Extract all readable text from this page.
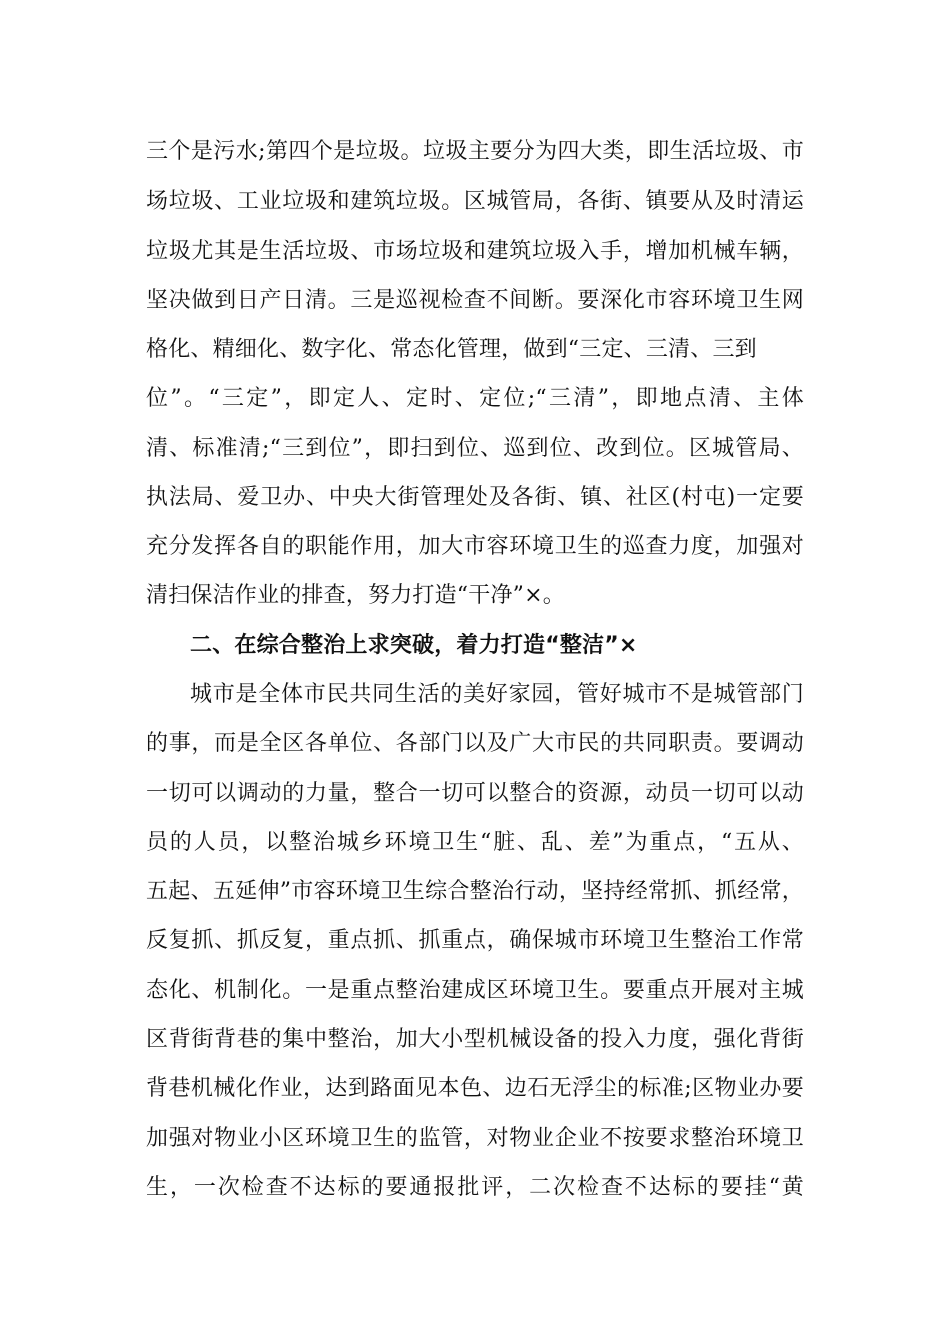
三个是污水;第四个是垃圾。垃圾主要分为四大类，即生活垃圾、市
场垃圾、工业垃圾和建筑垃圾。区城管局，各街、镇要从及时清运
垃圾尤其是生活垃圾、市场垃圾和建筑垃圾入手，增加机械车辆，
坚决做到日产日清。三是巡视检查不间断。要深化市容环境卫生网
格化、精细化、数字化、常态化管理，做到“三定、三清、三到
位”。“三定”，即定人、定时、定位;“三清”，即地点清、主体
清、标准清;“三到位”，即扫到位、巡到位、改到位。区城管局、
执法局、爱卫办、中央大街管理处及各街、镇、社区(村屯)一定要
充分发挥各自的职能作用，加大市容环境卫生的巡查力度，加强对
清扫保洁作业的排查，努力打造“干净”×。
二、在综合整治上求突破，着力打造“整洁”×
城市是全体市民共同生活的美好家园，管好城市不是城管部门
的事，而是全区各单位、各部门以及广大市民的共同职责。要调动
一切可以调动的力量，整合一切可以整合的资源，动员一切可以动
员的人员，以整治城乡环境卫生“脏、乱、差”为重点，“五从、
五起、五延伸”市容环境卫生综合整治行动，坚持经常抓、抓经常，
反复抓、抓反复，重点抓、抓重点，确保城市环境卫生整治工作常
态化、机制化。一是重点整治建成区环境卫生。要重点开展对主城
区背街背巷的集中整治，加大小型机械设备的投入力度，强化背街
背巷机械化作业，达到路面见本色、边石无浮尘的标准;区物业办要
加强对物业小区环境卫生的监管，对物业企业不按要求整治环境卫
生，一次检查不达标的要通报批评，二次检查不达标的要挂“黄
